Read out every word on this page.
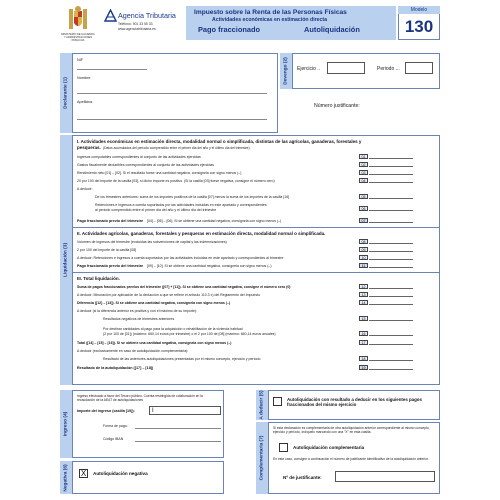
MINISTERIO DE HACIENDA
Y ADMINISTRACIONES
PÚBLICAS
Agencia Tributaria
Teléfono: 901 33 55 33
www.agenciatributaria.es
Impuesto sobre la Renta de las Personas Físicas
Actividades económicas en estimación directa
Pago fraccionado	Autoliquidación
Modelo
130
Declarante (1)
NIF
Nombre
Apellidos
Devengo (2) Ejercicio ..	Periodo ...
Número justificante:
Liquidación (3)
I. Actividades económicas en estimación directa, modalidad normal o simplificada, distintas de las agrícolas, ganaderas, forestales y
pesqueras. (Datos acumulados del período comprendido entre el primer día del año y el último día del trimestre).
Ingresos computables correspondientes al conjunto de las actividades ejercidas	01
Gastos fiscalmente deducibles correspondientes al conjunto de las actividades ejercidas	02
Rendimiento neto [01] – [02]. Si el resultado fuese una cantidad negativa, consígnela con signo menos (–)	03
20 por 100 del importe de la casilla [03], si dicho importe es positivo. (Si la casilla [03] fuese negativa, consigne el número cero)	04
A deducir:
De los trimestres anteriores: suma de los importes positivos de la casilla [07] menos la suma de los importes de la casilla [16]	05
Retenciones e ingresos a cuenta soportados por las actividades incluidas en este apartado y correspondientes
al periodo comprendido entre el primer día del año y el último día del trimestre	06
Pago fraccionado previo del trimestre [04] – [05] – [06]. Si se obtiene una cantidad negativa, consígnela con signo menos (–)	07
II. Actividades agrícolas, ganaderas, forestales y pesqueras en estimación directa, modalidad normal o simplificada.
Volumen de ingresos del trimestre (excluidas las subvenciones de capital y las indemnizaciones)	08
2 por 100 del importe de la casilla [08]	09
A deducir: Retenciones e ingresos a cuenta soportados por las actividades incluidas en este apartado y correspondientes al trimestre	10
Pago fraccionado previo del trimestre [09] – [10]. Si se obtiene una cantidad negativa, consígnela con signo menos (–)	11
III. Total liquidación.
Suma de pagos fraccionados previos del trimestre ([07] + [11]). Si se obtiene una cantidad negativa, consigne el número cero (0)	12
A deducir: Minoración por aplicación de la deducción a que se refiere el artículo 110.3 c) del Reglamento del Impuesto	13
Diferencia ([12] – [13]). Si se obtiene una cantidad negativa, consígnela con signo menos (–)	14
A deducir (si la diferencia anterior es positiva y con el máximo de su importe):
Resultados negativos de trimestres anteriores	15
Por destinar cantidades al pago para la adquisición o rehabilitación de la vivienda habitual
(2 por 100 de [01]) (máximo: 660,14 euros por trimestre) o el 2 por 100 de [08] (máximo: 660,14 euros anuales)	16
Total ([14] – [15] – [16]). Si se obtiene una cantidad negativa, consígnela con signo menos (–)	17
A deducir (exclusivamente en caso de autoliquidación complementaria):
Resultado de las anteriores autoliquidaciones presentadas por el mismo concepto, ejercicio y período	18
Resultado de la autoliquidación ([17] – [18])	19
Ingreso (4)
Ingreso efectuado a favor del Tesoro público. Cuenta restringida de colaboración en la recaudación de la AEAT de autoliquidaciones
Importe del ingreso (casilla [19]):	I
Forma de pago:
Código IBAN
A deducir (5)	Autoliquidación con resultado a deducir en los siguientes pagos fraccionados del mismo ejercicio
Complementaria (7)
Si esta declaración es complementaria de otra autoliquidación anterior correspondiente al mismo concepto, ejercicio y período, indíquelo marcando con una "X" en esta casilla.
Autoliquidación complementaria
En este caso, consigne a continuación el número de justificante identificativo de la autoliquidación anterior.
Nº de justificante:
Negativa (6) X	Autoliquidación negativa
